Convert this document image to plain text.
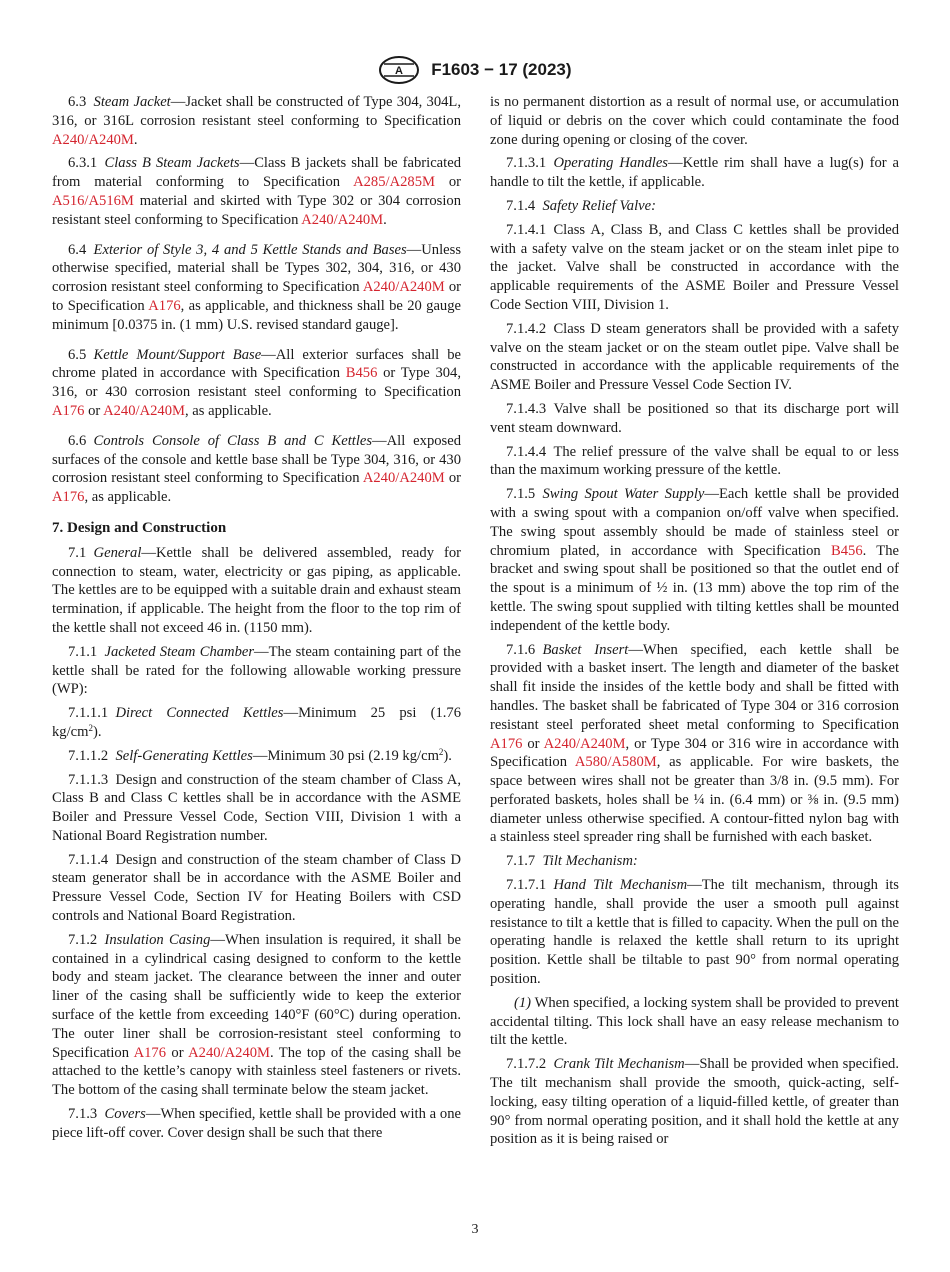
A F1603 − 17 (2023)

6.3  Steam Jacket—Jacket shall be constructed of Type 304, 304L, 316, or 316L corrosion resistant steel conforming to Specification A240/A240M.

6.3.1  Class B Steam Jackets—Class B jackets shall be fabricated from material conforming to Specification A285/A285M or A516/A516M material and skirted with Type 302 or 304 corrosion resistant steel conforming to Specification A240/A240M.

6.4  Exterior of Style 3, 4 and 5 Kettle Stands and Bases—Unless otherwise specified, material shall be Types 302, 304, 316, or 430 corrosion resistant steel conforming to Specification A240/A240M or to Specification A176, as applicable, and thickness shall be 20 gauge minimum [0.0375 in. (1 mm) U.S. revised standard gauge].

6.5  Kettle Mount/Support Base—All exterior surfaces shall be chrome plated in accordance with Specification B456 or Type 304, 316, or 430 corrosion resistant steel conforming to Specification A176 or A240/A240M, as applicable.

6.6  Controls Console of Class B and C Kettles—All exposed surfaces of the console and kettle base shall be Type 304, 316, or 430 corrosion resistant steel conforming to Specification A240/A240M or A176, as applicable.

7. Design and Construction

7.1  General—Kettle shall be delivered assembled, ready for connection to steam, water, electricity or gas piping, as applicable. The kettles are to be equipped with a suitable drain and exhaust steam termination, if applicable. The height from the floor to the top rim of the kettle shall not exceed 46 in. (1150 mm).

7.1.1  Jacketed Steam Chamber—The steam containing part of the kettle shall be rated for the following allowable working pressure (WP):

7.1.1.1  Direct Connected Kettles—Minimum 25 psi (1.76 $kg/cm^2$).

7.1.1.2  Self-Generating Kettles—Minimum 30 psi (2.19 $kg/cm^2$).

7.1.1.3  Design and construction of the steam chamber of Class A, Class B and Class C kettles shall be in accordance with the ASME Boiler and Pressure Vessel Code, Section VIII, Division 1 with a National Board Registration number.

7.1.1.4  Design and construction of the steam chamber of Class D steam generator shall be in accordance with the ASME Boiler and Pressure Vessel Code, Section IV for Heating Boilers with CSD controls and National Board Registration.

7.1.2  Insulation Casing—When insulation is required, it shall be contained in a cylindrical casing designed to conform to the kettle body and steam jacket. The clearance between the inner and outer liner of the casing shall be sufficiently wide to keep the exterior surface of the kettle from exceeding 140°F (60°C) during operation. The outer liner shall be corrosion-resistant steel conforming to Specification A176 or A240/A240M. The top of the casing shall be attached to the kettle’s canopy with stainless steel fasteners or rivets. The bottom of the casing shall terminate below the steam jacket.

7.1.3  Covers—When specified, kettle shall be provided with a one piece lift-off cover. Cover design shall be such that there

is no permanent distortion as a result of normal use, or accumulation of liquid or debris on the cover which could contaminate the food zone during opening or closing of the cover.

7.1.3.1  Operating Handles—Kettle rim shall have a lug(s) for a handle to tilt the kettle, if applicable.

7.1.4  Safety Relief Valve:

7.1.4.1  Class A, Class B, and Class C kettles shall be provided with a safety valve on the steam jacket or on the steam inlet pipe to the jacket. Valve shall be constructed in accordance with the applicable requirements of the ASME Boiler and Pressure Vessel Code Section VIII, Division 1.

7.1.4.2  Class D steam generators shall be provided with a safety valve on the steam jacket or on the steam outlet pipe. Valve shall be constructed in accordance with the applicable requirements of the ASME Boiler and Pressure Vessel Code Section IV.

7.1.4.3  Valve shall be positioned so that its discharge port will vent steam downward.

7.1.4.4  The relief pressure of the valve shall be equal to or less than the maximum working pressure of the kettle.

7.1.5  Swing Spout Water Supply—Each kettle shall be provided with a swing spout with a companion on/off valve when specified. The swing spout assembly should be made of stainless steel or chromium plated, in accordance with Specification B456. The bracket and swing spout shall be positioned so that the outlet end of the spout is a minimum of ½ in. (13 mm) above the top rim of the kettle. The swing spout supplied with tilting kettles shall be mounted independent of the kettle body.

7.1.6  Basket Insert—When specified, each kettle shall be provided with a basket insert. The length and diameter of the basket shall fit inside the insides of the kettle body and shall be fitted with handles. The basket shall be fabricated of Type 304 or 316 corrosion resistant steel perforated sheet metal conforming to Specification A176 or A240/A240M, or Type 304 or 316 wire in accordance with Specification A580/A580M, as applicable. For wire baskets, the space between wires shall not be greater than 3/8 in. (9.5 mm). For perforated baskets, holes shall be ¼ in. (6.4 mm) or ⅜ in. (9.5 mm) diameter unless otherwise specified. A contour-fitted nylon bag with a stainless steel spreader ring shall be furnished with each basket.

7.1.7  Tilt Mechanism:

7.1.7.1  Hand Tilt Mechanism—The tilt mechanism, through its operating handle, shall provide the user a smooth pull against resistance to tilt a kettle that is filled to capacity. When the pull on the operating handle is relaxed the kettle shall return to its upright position. Kettle shall be tiltable to past 90° from normal operating position.

(1) When specified, a locking system shall be provided to prevent accidental tilting. This lock shall have an easy release mechanism to tilt the kettle.

7.1.7.2  Crank Tilt Mechanism—Shall be provided when specified. The tilt mechanism shall provide the smooth, quick-acting, self-locking, easy tilting operation of a liquid-filled kettle, of greater than 90° from normal operating position, and it shall hold the kettle at any position as it is being raised or

3
